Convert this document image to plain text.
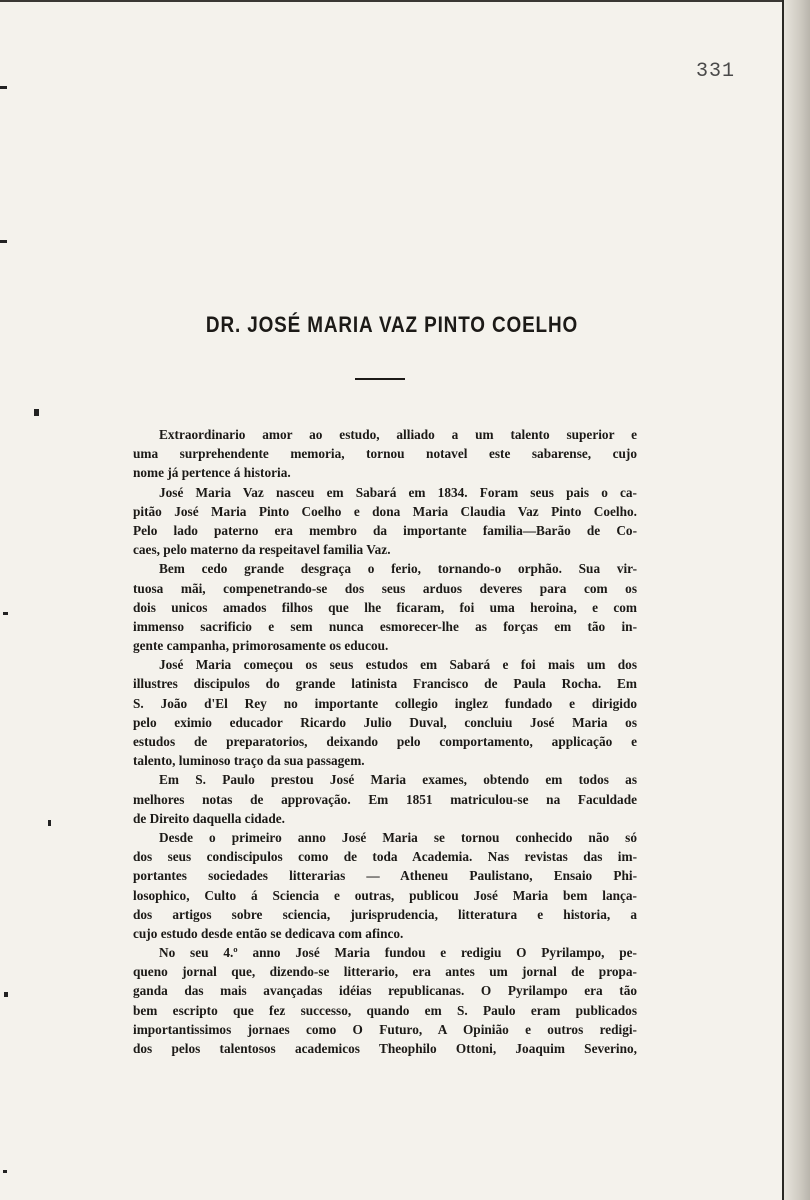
331
DR. JOSÉ MARIA VAZ PINTO COELHO
Extraordinario amor ao estudo, alliado a um talento superior e
uma surprehendente memoria, tornou notavel este sabarense, cujo
nome já pertence á historia.
José Maria Vaz nasceu em Sabará em 1834. Foram seus pais o ca-
pitão José Maria Pinto Coelho e dona Maria Claudia Vaz Pinto Coelho.
Pelo lado paterno era membro da importante familia—Barão de Co-
caes, pelo materno da respeitavel familia Vaz.
Bem cedo grande desgraça o ferio, tornando-o orphão. Sua vir-
tuosa mãi, compenetrando-se dos seus arduos deveres para com os
dois unicos amados filhos que lhe ficaram, foi uma heroina, e com
immenso sacrificio e sem nunca esmorecer-lhe as forças em tão in-
gente campanha, primorosamente os educou.
José Maria começou os seus estudos em Sabará e foi mais um dos
illustres discipulos do grande latinista Francisco de Paula Rocha. Em
S. João d'El Rey no importante collegio inglez fundado e dirigido
pelo eximio educador Ricardo Julio Duval, concluiu José Maria os
estudos de preparatorios, deixando pelo comportamento, applicação e
talento, luminoso traço da sua passagem.
Em S. Paulo prestou José Maria exames, obtendo em todos as
melhores notas de approvação. Em 1851 matriculou-se na Faculdade
de Direito daquella cidade.
Desde o primeiro anno José Maria se tornou conhecido não só
dos seus condiscipulos como de toda Academia. Nas revistas das im-
portantes sociedades litterarias — Atheneu Paulistano, Ensaio Phi-
losophico, Culto á Sciencia e outras, publicou José Maria bem lança-
dos artigos sobre sciencia, jurisprudencia, litteratura e historia, a
cujo estudo desde então se dedicava com afinco.
No seu 4.º anno José Maria fundou e redigiu O Pyrilampo, pe-
queno jornal que, dizendo-se litterario, era antes um jornal de propa-
ganda das mais avançadas idéias republicanas. O Pyrilampo era tão
bem escripto que fez successo, quando em S. Paulo eram publicados
importantissimos jornaes como O Futuro, A Opinião e outros redigi-
dos pelos talentosos academicos Theophilo Ottoni, Joaquim Severino,
